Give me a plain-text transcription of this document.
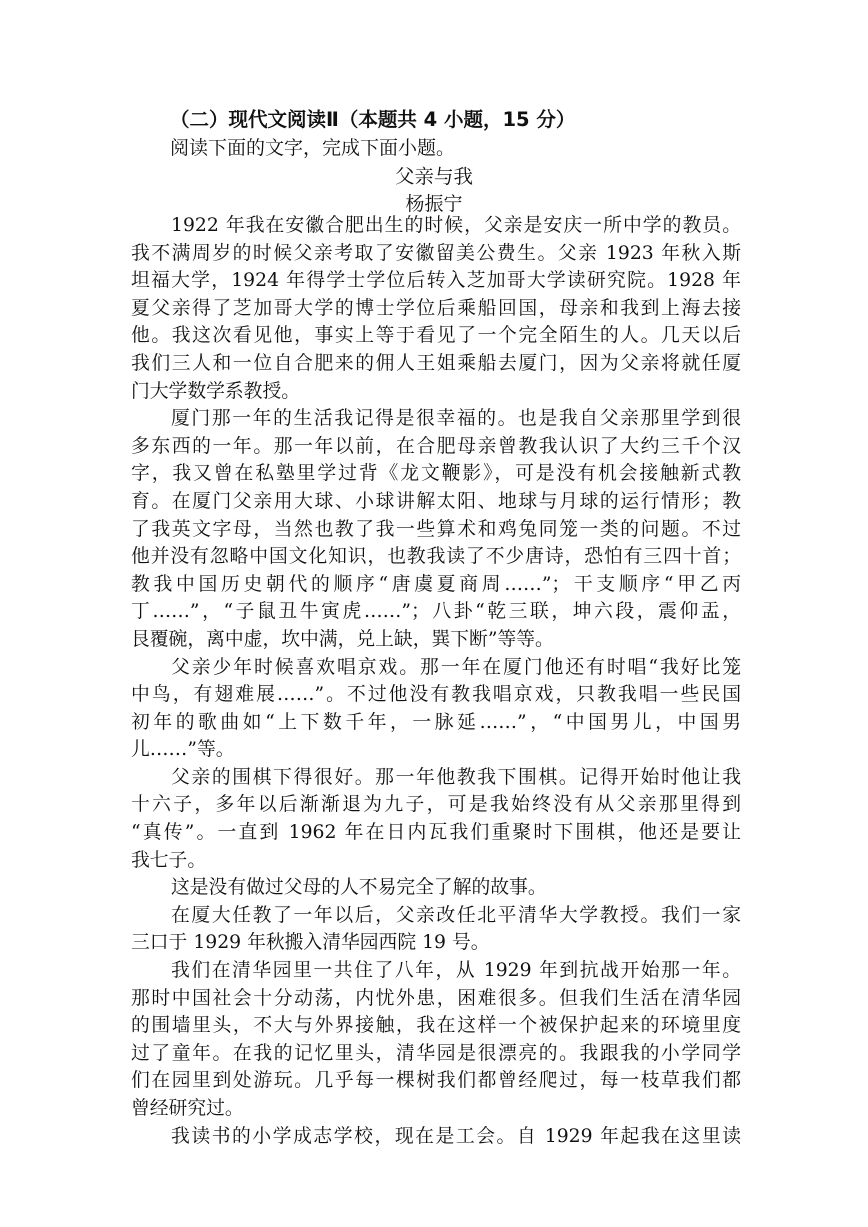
（二）现代文阅读Ⅱ（本题共 4 小题，15 分）
阅读下面的文字，完成下面小题。
父亲与我
杨振宁
1922 年我在安徽合肥出生的时候，父亲是安庆一所中学的教员。
我不满周岁的时候父亲考取了安徽留美公费生。父亲 1923 年秋入斯
坦福大学，1924 年得学士学位后转入芝加哥大学读研究院。1928 年
夏父亲得了芝加哥大学的博士学位后乘船回国，母亲和我到上海去接
他。我这次看见他，事实上等于看见了一个完全陌生的人。几天以后
我们三人和一位自合肥来的佣人王姐乘船去厦门，因为父亲将就任厦
门大学数学系教授。
厦门那一年的生活我记得是很幸福的。也是我自父亲那里学到很
多东西的一年。那一年以前，在合肥母亲曾教我认识了大约三千个汉
字，我又曾在私塾里学过背《龙文鞭影》，可是没有机会接触新式教
育。在厦门父亲用大球、小球讲解太阳、地球与月球的运行情形；教
了我英文字母，当然也教了我一些算术和鸡兔同笼一类的问题。不过
他并没有忽略中国文化知识，也教我读了不少唐诗，恐怕有三四十首；
教我中国历史朝代的顺序“唐虞夏商周……”；干支顺序“甲乙丙
丁……”，“子鼠丑牛寅虎……”；八卦“乾三联，坤六段，震仰盂，
艮覆碗，离中虚，坎中满，兑上缺，巽下断”等等。
父亲少年时候喜欢唱京戏。那一年在厦门他还有时唱“我好比笼
中鸟，有翅难展……”。不过他没有教我唱京戏，只教我唱一些民国
初年的歌曲如“上下数千年，一脉延……”，“中国男儿，中国男
儿……”等。
父亲的围棋下得很好。那一年他教我下围棋。记得开始时他让我
十六子，多年以后渐渐退为九子，可是我始终没有从父亲那里得到
“真传”。一直到 1962 年在日内瓦我们重聚时下围棋，他还是要让
我七子。
这是没有做过父母的人不易完全了解的故事。
在厦大任教了一年以后，父亲改任北平清华大学教授。我们一家
三口于 1929 年秋搬入清华园西院 19 号。
我们在清华园里一共住了八年，从 1929 年到抗战开始那一年。
那时中国社会十分动荡，内忧外患，困难很多。但我们生活在清华园
的围墙里头，不大与外界接触，我在这样一个被保护起来的环境里度
过了童年。在我的记忆里头，清华园是很漂亮的。我跟我的小学同学
们在园里到处游玩。几乎每一棵树我们都曾经爬过，每一枝草我们都
曾经研究过。
我读书的小学成志学校，现在是工会。自 1929 年起我在这里读
